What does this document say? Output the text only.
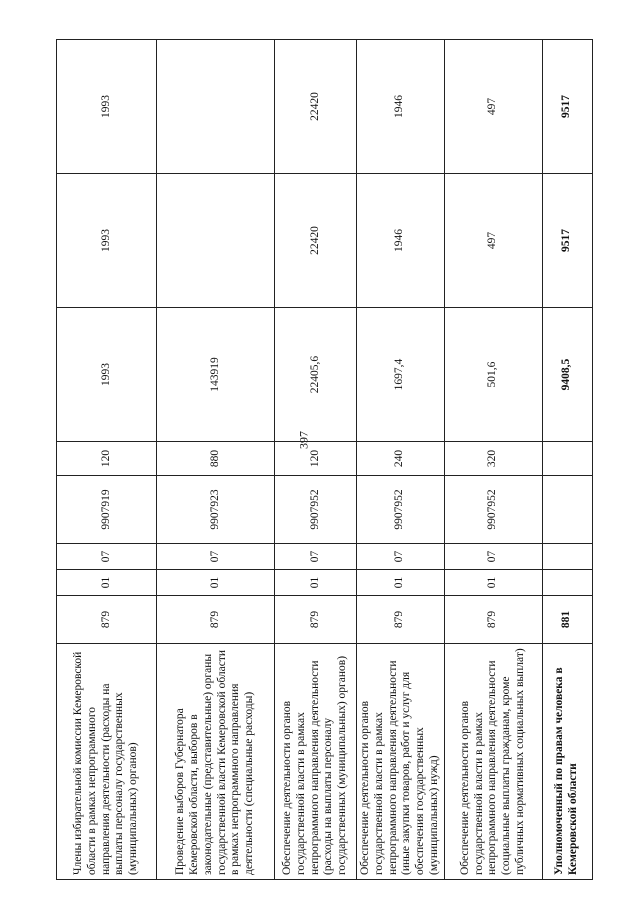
397
Члены избирательной комиссии Кемеровской области в рамках непрограммного направления деятельности (расходы на выплаты персоналу государственных (муниципальных) органов)	879	01	07	9907919	120	1993	1993	1993
Проведение выборов Губернатора Кемеровской области, выборов в законодательные (представительные) органы государственной власти Кемеровской области в рамках непрограммного направления деятельности (специальные расходы)	879	01	07	9907923	880	143919		
Обеспечение деятельности органов государственной власти в рамках непрограммного направления деятельности (расходы на выплаты персоналу государственных (муниципальных) органов)	879	01	07	9907952	120	22405,6	22420	22420
Обеспечение деятельности органов государственной власти в рамках непрограммного направления деятельности (иные закупки товаров, работ и услуг для обеспечения государственных (муниципальных) нужд)	879	01	07	9907952	240	1697,4	1946	1946
Обеспечение деятельности органов государственной власти в рамках непрограммного направления деятельности (социальные выплаты гражданам, кроме публичных нормативных социальных выплат)	879	01	07	9907952	320	501,6	497	497
Уполномоченный по правам человека в Кемеровской области	881					9408,5	9517	9517
